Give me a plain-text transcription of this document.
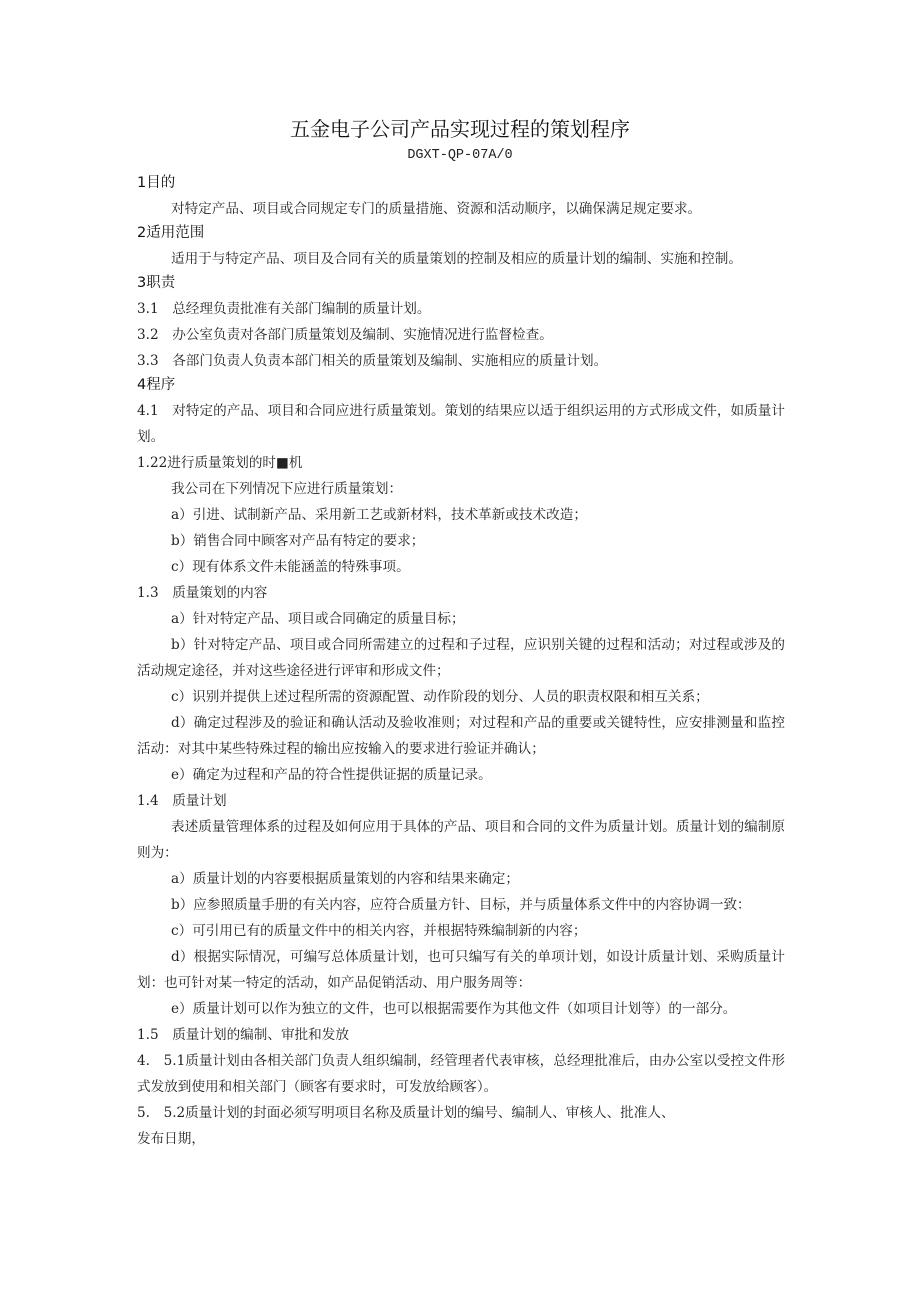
五金电子公司产品实现过程的策划程序
DGXT-QP-07A/0
1目的

对特定产品、项目或合同规定专门的质量措施、资源和活动顺序，以确保满足规定要求。

2适用范围

适用于与特定产品、项目及合同有关的质量策划的控制及相应的质量计划的编制、实施和控制。

3职责

3.1　总经理负责批准有关部门编制的质量计划。

3.2　办公室负责对各部门质量策划及编制、实施情况进行监督检查。

3.3　各部门负责人负责本部门相关的质量策划及编制、实施相应的质量计划。

4程序

4.1　对特定的产品、项目和合同应进行质量策划。策划的结果应以适于组织运用的方式形成文件，如质量计划。

1.22进行质量策划的时■机

我公司在下列情况下应进行质量策划：

a）引进、试制新产品、采用新工艺或新材料，技术革新或技术改造；

b）销售合同中顾客对产品有特定的要求；

c）现有体系文件未能涵盖的特殊事项。

1.3　质量策划的内容

a）针对特定产品、项目或合同确定的质量目标；

b）针对特定产品、项目或合同所需建立的过程和子过程，应识别关键的过程和活动；对过程或涉及的活动规定途径，并对这些途径进行评审和形成文件；

c）识别并提供上述过程所需的资源配置、动作阶段的划分、人员的职责权限和相互关系；

d）确定过程涉及的验证和确认活动及验收准则；对过程和产品的重要或关键特性，应安排测量和监控活动：对其中某些特殊过程的输出应按输入的要求进行验证并确认；

e）确定为过程和产品的符合性提供证据的质量记录。

1.4　质量计划

表述质量管理体系的过程及如何应用于具体的产品、项目和合同的文件为质量计划。质量计划的编制原则为：

a）质量计划的内容要根据质量策划的内容和结果来确定；

b）应参照质量手册的有关内容，应符合质量方针、目标，并与质量体系文件中的内容协调一致：

c）可引用已有的质量文件中的相关内容，并根据特殊编制新的内容；

d）根据实际情况，可编写总体质量计划，也可只编写有关的单项计划，如设计质量计划、采购质量计划：也可针对某一特定的活动，如产品促销活动、用户服务周等：

e）质量计划可以作为独立的文件，也可以根据需要作为其他文件（如项目计划等）的一部分。

1.5　质量计划的编制、审批和发放

4.　5.1质量计划由各相关部门负责人组织编制，经管理者代表审核，总经理批准后，由办公室以受控文件形式发放到使用和相关部门（顾客有要求时，可发放给顾客）。

5.　5.2质量计划的封面必须写明项目名称及质量计划的编号、编制人、审核人、批准人、

发布日期，
